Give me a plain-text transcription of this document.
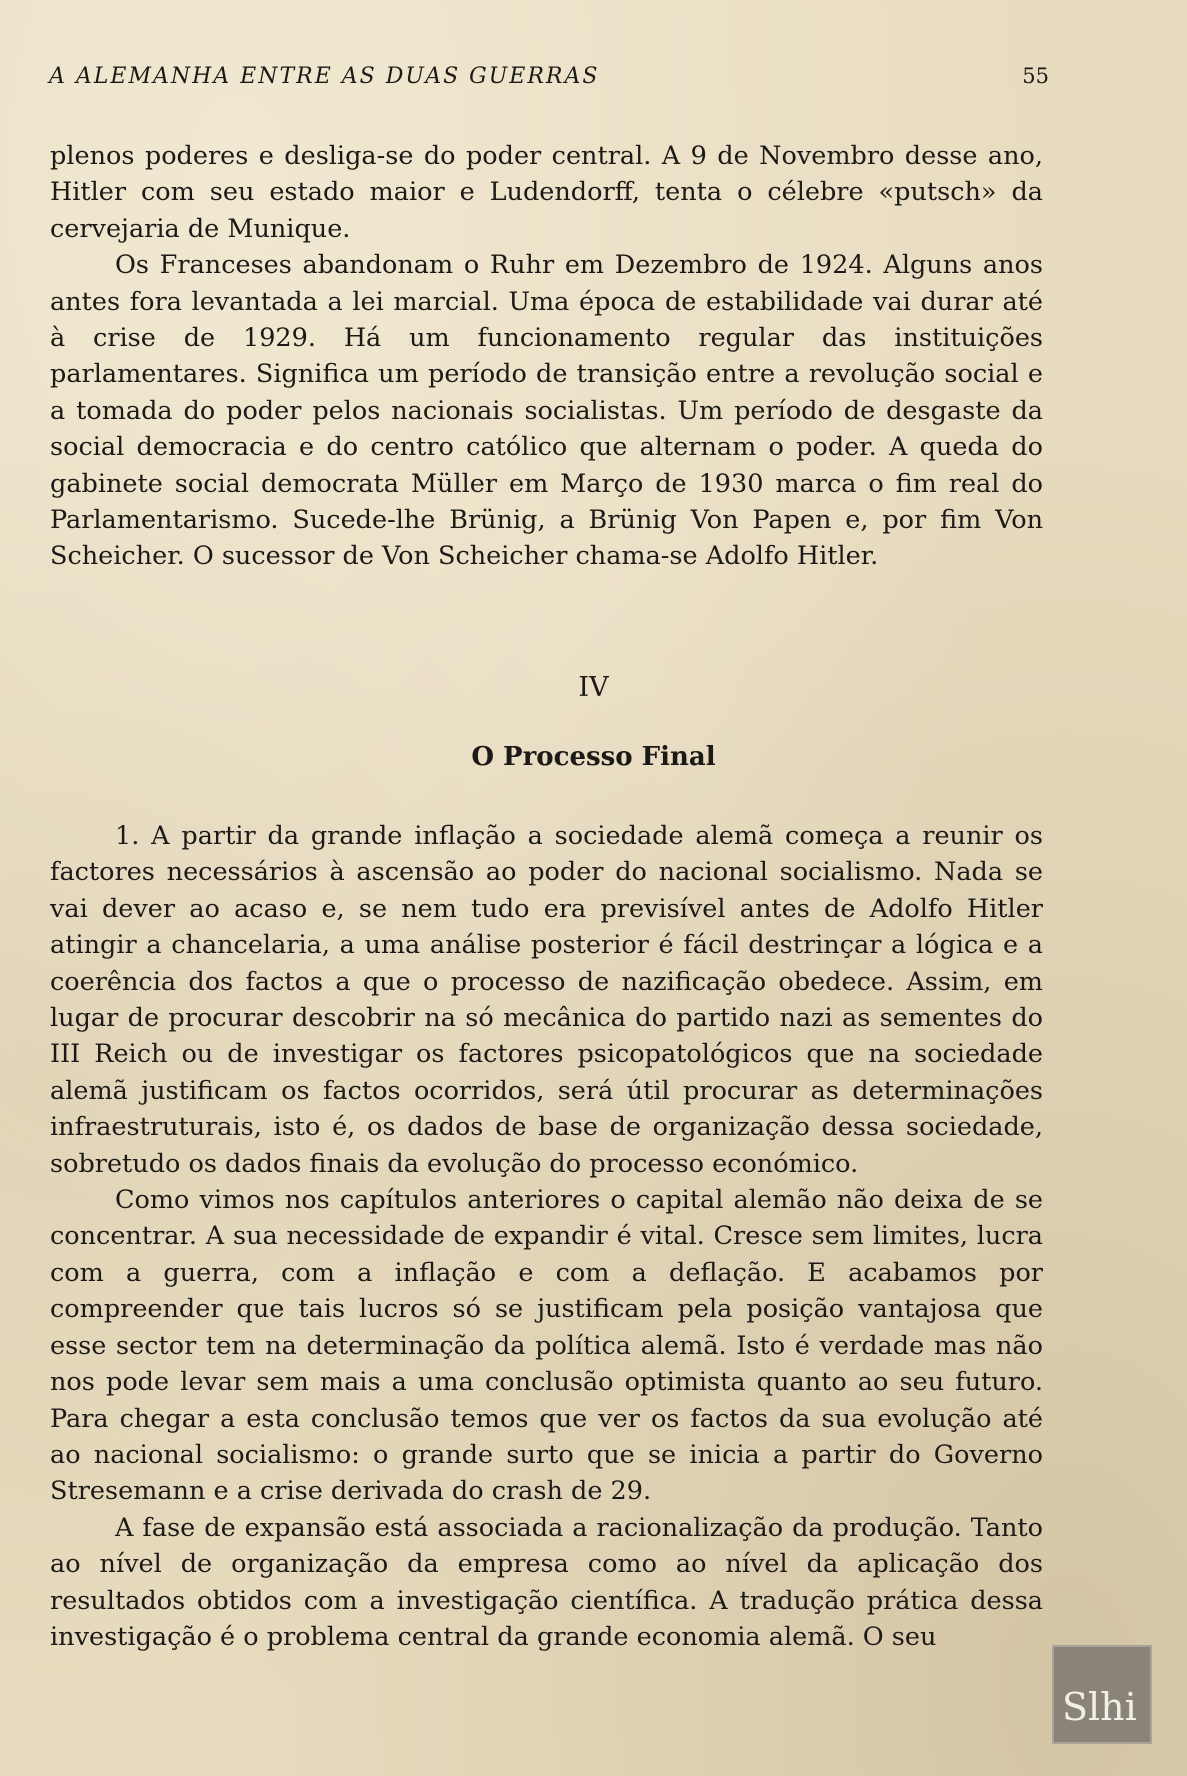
A ALEMANHA ENTRE AS DUAS GUERRAS	55

plenos poderes e desliga-se do poder central. A 9 de Novembro desse ano, Hitler com seu estado maior e Ludendorff, tenta o célebre «putsch» da cervejaria de Munique.

Os Franceses abandonam o Ruhr em Dezembro de 1924. Alguns anos antes fora levantada a lei marcial. Uma época de estabilidade vai durar até à crise de 1929. Há um funcionamento regular das instituições parlamentares. Significa um período de transição entre a revolução social e a tomada do poder pelos nacionais socialistas. Um período de desgaste da social democracia e do centro católico que alternam o poder. A queda do gabinete social democrata Müller em Março de 1930 marca o fim real do Parlamentarismo. Sucede-lhe Brünig, a Brünig Von Papen e, por fim Von Scheicher. O sucessor de Von Scheicher chama-se Adolfo Hitler.

IV
O Processo Final

1. A partir da grande inflação a sociedade alemã começa a reunir os factores necessários à ascensão ao poder do nacional socialismo. Nada se vai dever ao acaso e, se nem tudo era previsível antes de Adolfo Hitler atingir a chancelaria, a uma análise posterior é fácil destrinçar a lógica e a coerência dos factos a que o processo de nazificação obedece. Assim, em lugar de procurar descobrir na só mecânica do partido nazi as sementes do III Reich ou de investigar os factores psicopatológicos que na sociedade alemã justificam os factos ocorridos, será útil procurar as determinações infraestruturais, isto é, os dados de base de organização dessa sociedade, sobretudo os dados finais da evolução do processo económico.

Como vimos nos capítulos anteriores o capital alemão não deixa de se concentrar. A sua necessidade de expandir é vital. Cresce sem limites, lucra com a guerra, com a inflação e com a deflação. E acabamos por compreender que tais lucros só se justificam pela posição vantajosa que esse sector tem na determinação da política alemã. Isto é verdade mas não nos pode levar sem mais a uma conclusão optimista quanto ao seu futuro. Para chegar a esta conclusão temos que ver os factos da sua evolução até ao nacional socialismo: o grande surto que se inicia a partir do Governo Stresemann e a crise derivada do crash de 29.

A fase de expansão está associada a racionalização da produção. Tanto ao nível de organização da empresa como ao nível da aplicação dos resultados obtidos com a investigação científica. A tradução prática dessa investigação é o problema central da grande economia alemã. O seu

Slhi
